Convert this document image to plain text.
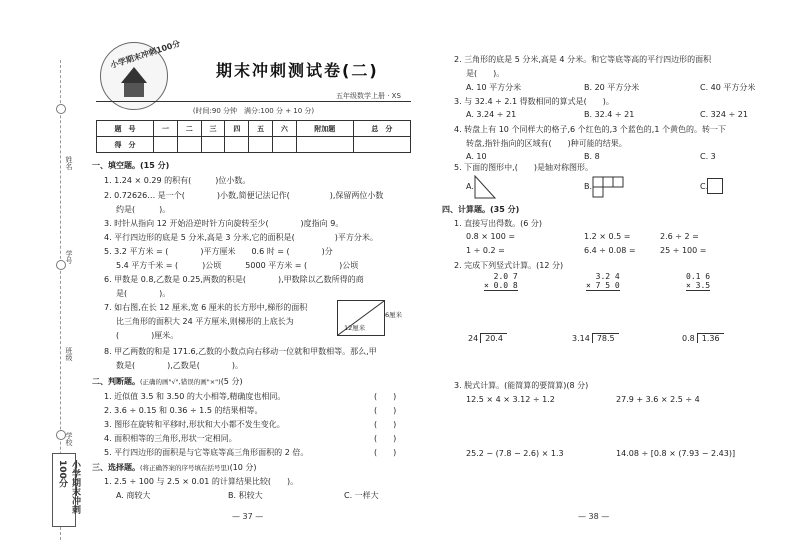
姓名
学号
班级
学校
小学期末冲刺100分
小学期末冲刺100分
期末冲刺测试卷(二)
五年级数学上册 · XS
(时间:90 分钟　满分:100 分 + 10 分)
题　号	一	二	三	四	五	六	附加题	总　分
得　分								
一、填空题。(15 分)
1. 1.24 × 0.29 的积有(　　　)位小数。
2. 0.72626… 是一个(　　　　)小数,简便记法记作(　　　　　),保留两位小数
约是(　　　)。
3. 时针从指向 12 开始沿逆时针方向旋转至少(　　　　)度指向 9。
4. 平行四边形的底是 5 分米,高是 3 分米,它的面积是(　　　　　)平方分米。
5. 3.2 平方米 = (　　　　)平方厘米　　0.6 时 = (　　　　)分
5.4 平方千米 = (　　　)公顷　　　5000 平方米 = (　　　　)公顷
6. 甲数是 0.8,乙数是 0.25,两数的积是(　　　　),甲数除以乙数所得的商
是(　　　　)。
7. 如右图,在长 12 厘米,宽 6 厘米的长方形中,梯形的面积
比三角形的面积大 24 平方厘米,则梯形的上底长为
(　　　　)厘米。
8. 甲乙两数的和是 171.6,乙数的小数点向右移动一位就和甲数相等。那么,甲
数是(　　　　),乙数是(　　　　)。
6厘米
12厘米
二、判断题。(正确的画"√",错误的画"×")(5 分)
1. 近似值 3.5 和 3.50 的大小相等,精确度也相同。
2. 3.6 ÷ 0.15 和 0.36 ÷ 1.5 的结果相等。
3. 图形在旋转和平移时,形状和大小都不发生变化。
4. 面积相等的三角形,形状一定相同。
5. 平行四边形的面积是与它等底等高三角形面积的 2 倍。
(　　)
(　　)
(　　)
(　　)
(　　)
三、选择题。(将正确答案的序号填在括号里)(10 分)
1. 2.5 ÷ 100 与 2.5 × 0.01 的计算结果比较(　　)。
A. 商较大	B. 积较大	C. 一样大
— 37 —
2. 三角形的底是 5 分米,高是 4 分米。和它等底等高的平行四边形的面积
是(　　)。
A. 10 平方分米	B. 20 平方分米	C. 40 平方分米
3. 与 32.4 ÷ 2.1 得数相同的算式是(　　)。
A. 3.24 ÷ 21	B. 32.4 ÷ 21	C. 324 ÷ 21
4. 转盘上有 10 个同样大的格子,6 个红色的,3 个蓝色的,1 个黄色的。转一下
转盘,指针指向的区域有(　　)种可能的结果。
A. 10	B. 8	C. 3
5. 下面的图形中,(　　)是轴对称图形。
A.	B.	C.
四、计算题。(35 分)
1. 直接写出得数。(6 分)
0.8 × 100 =	1.2 × 0.5 =	2.6 ÷ 2 =
1 ÷ 0.2 =	6.4 ÷ 0.08 =	25 ÷ 100 =
2. 完成下列竖式计算。(12 分)
2.0 7
× 0.0 8
3.2 4
× 7 5 0
0.1 6
× 3.5
24 20.4	3.14 78.5	0.8 1.36
3. 脱式计算。(能简算的要简算)(8 分)
12.5 × 4 × 3.12 ÷ 1.2	27.9 + 3.6 × 2.5 ÷ 4
25.2 − (7.8 − 2.6) × 1.3	14.08 ÷ [0.8 × (7.93 − 2.43)]
— 38 —
